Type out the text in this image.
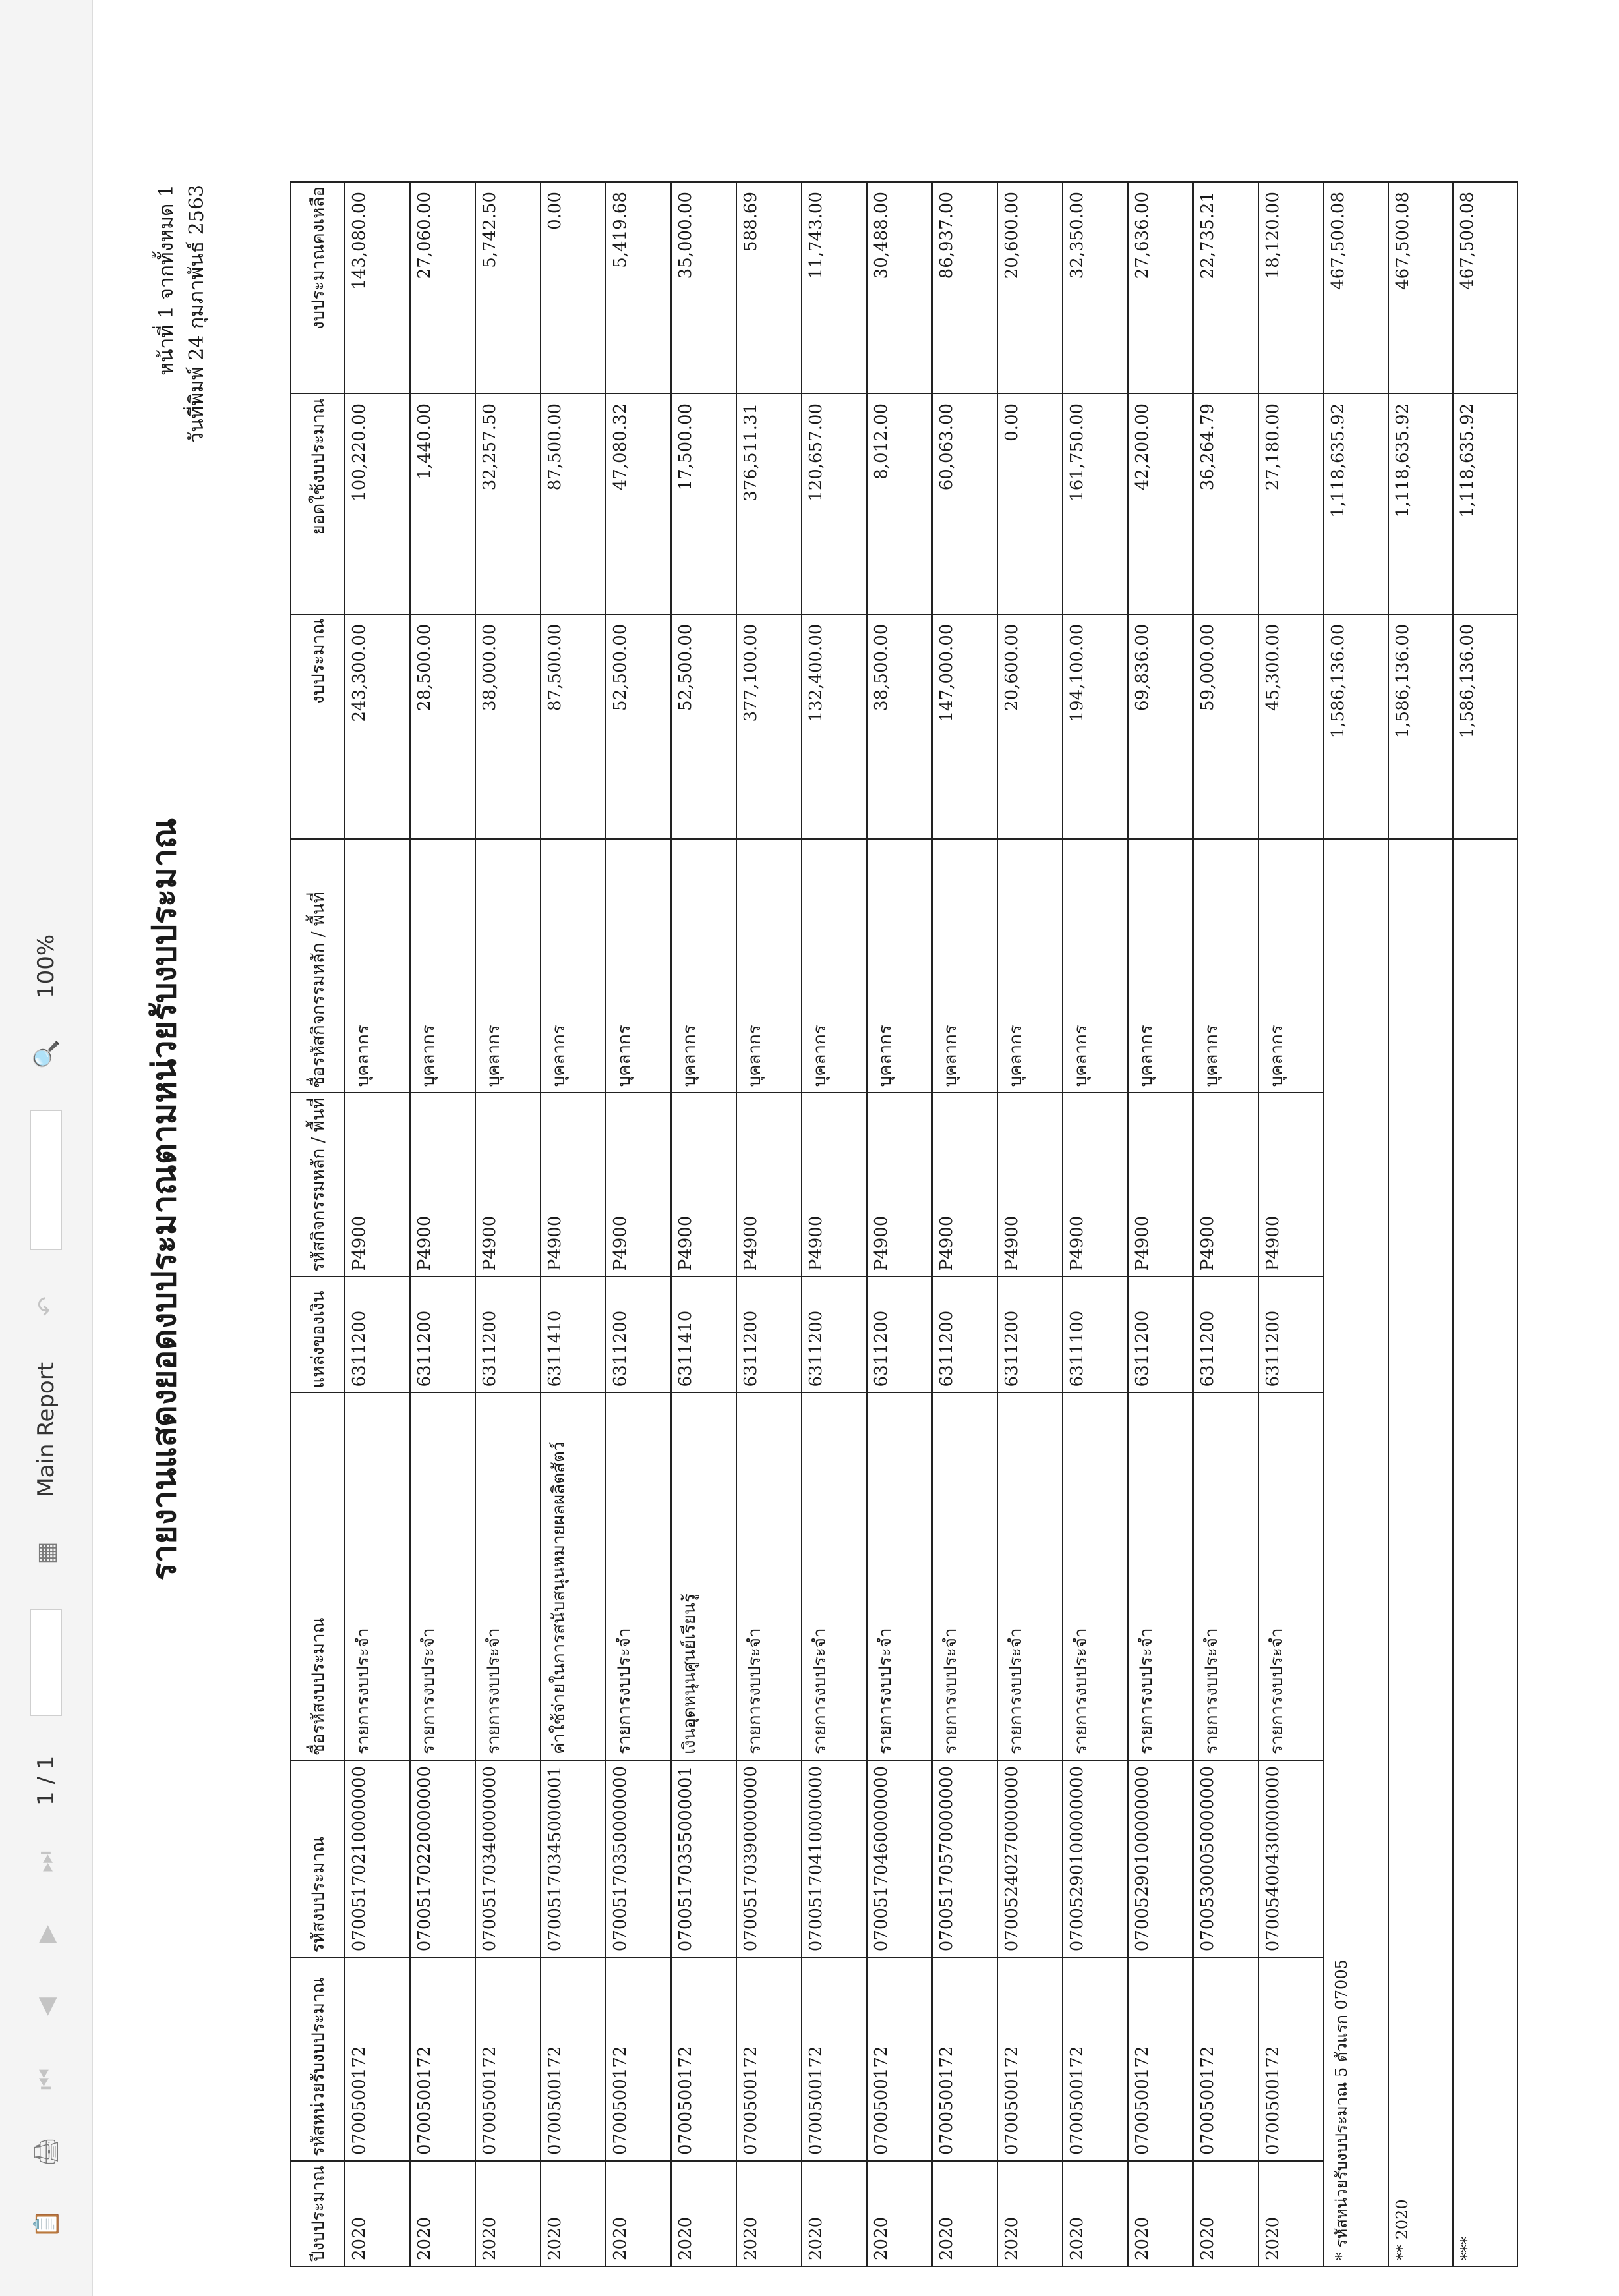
📋
🖨
⏮
◀
▶
⏭
1 / 1
▦
Main Report
↶
🔍
100%	รายงานแสดงยอดงบประมาณตามหน่วยรับงบประมาณ
หน้าที่ 1 จากทั้งหมด 1 วันที่พิมพ์ 24 กุมภาพันธ์ 2563
ปีงบประมาณ	รหัสหน่วยรับงบประมาณ	รหัสงบประมาณ	ชื่อรหัสงบประมาณ	แหล่งของเงิน	รหัสกิจกรรมหลัก / พื้นที่	ชื่อรหัสกิจกรรมหลัก / พื้นที่	งบประมาณ	ยอดใช้งบประมาณ	งบประมาณคงเหลือ
2020	0700500172	07005170210000000	รายการงบประจำ	6311200	P4900	บุคลากร	243,300.00	100,220.00	143,080.00
2020	0700500172	07005170220000000	รายการงบประจำ	6311200	P4900	บุคลากร	28,500.00	1,440.00	27,060.00
2020	0700500172	07005170340000000	รายการงบประจำ	6311200	P4900	บุคลากร	38,000.00	32,257.50	5,742.50
2020	0700500172	07005170345000001	ค่าใช้จ่ายในการสนับสนุนหมายผลผลิตสัตว์	6311410	P4900	บุคลากร	87,500.00	87,500.00	0.00
2020	0700500172	07005170350000000	รายการงบประจำ	6311200	P4900	บุคลากร	52,500.00	47,080.32	5,419.68
2020	0700500172	07005170355000001	เงินอุดหนุนศูนย์เรียนรู้	6311410	P4900	บุคลากร	52,500.00	17,500.00	35,000.00
2020	0700500172	07005170390000000	รายการงบประจำ	6311200	P4900	บุคลากร	377,100.00	376,511.31	588.69
2020	0700500172	07005170410000000	รายการงบประจำ	6311200	P4900	บุคลากร	132,400.00	120,657.00	11,743.00
2020	0700500172	07005170460000000	รายการงบประจำ	6311200	P4900	บุคลากร	38,500.00	8,012.00	30,488.00
2020	0700500172	07005170570000000	รายการงบประจำ	6311200	P4900	บุคลากร	147,000.00	60,063.00	86,937.00
2020	0700500172	07005240270000000	รายการงบประจำ	6311200	P4900	บุคลากร	20,600.00	0.00	20,600.00
2020	0700500172	07005290100000000	รายการงบประจำ	6311100	P4900	บุคลากร	194,100.00	161,750.00	32,350.00
2020	0700500172	07005290100000000	รายการงบประจำ	6311200	P4900	บุคลากร	69,836.00	42,200.00	27,636.00
2020	0700500172	07005300050000000	รายการงบประจำ	6311200	P4900	บุคลากร	59,000.00	36,264.79	22,735.21
2020	0700500172	07005400430000000	รายการงบประจำ	6311200	P4900	บุคลากร	45,300.00	27,180.00	18,120.00
* รหัสหน่วยรับงบประมาณ 5 ตัวแรก 07005							1,586,136.00	1,118,635.92	467,500.08
** 2020							1,586,136.00	1,118,635.92	467,500.08
***							1,586,136.00	1,118,635.92	467,500.08
